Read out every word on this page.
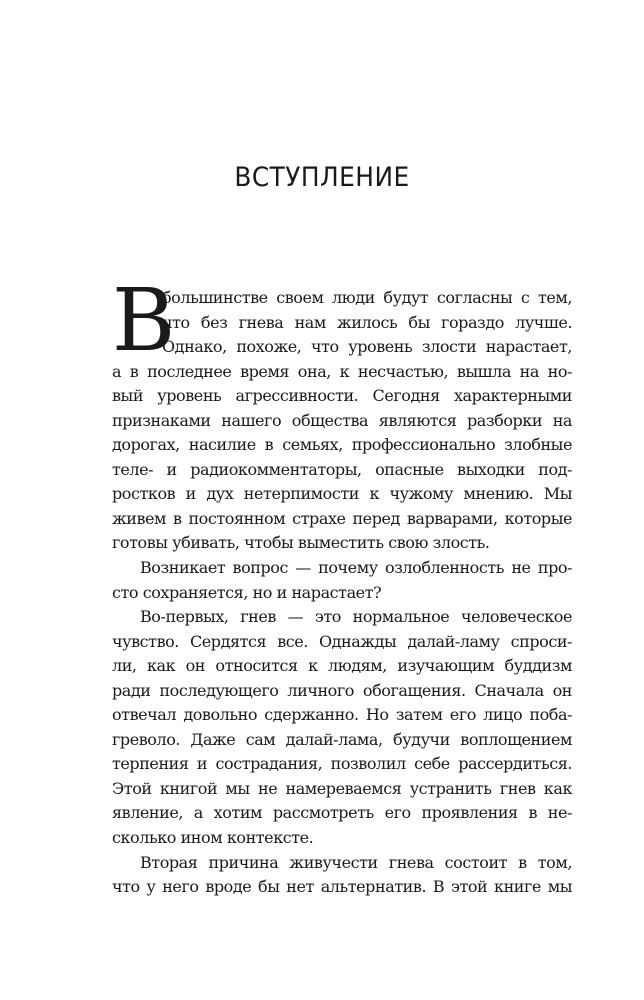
ВСТУПЛЕНИЕ
В
большинстве своем люди будут согласны с тем,
что без гнева нам жилось бы гораздо лучше.
Однако, похоже, что уровень злости нарастает,
а в последнее время она, к несчастью, вышла на но-
вый уровень агрессивности. Сегодня характерными
признаками нашего общества являются разборки на
дорогах, насилие в семьях, профессионально злобные
теле- и радиокомментаторы, опасные выходки под-
ростков и дух нетерпимости к чужому мнению. Мы
живем в постоянном страхе перед варварами, которые
готовы убивать, чтобы выместить свою злость.
Возникает вопрос — почему озлобленность не про-
сто сохраняется, но и нарастает?
Во-первых, гнев — это нормальное человеческое
чувство. Сердятся все. Однажды далай-ламу спроси-
ли, как он относится к людям, изучающим буддизм
ради последующего личного обогащения. Сначала он
отвечал довольно сдержанно. Но затем его лицо поба-
греволо. Даже сам далай-лама, будучи воплощением
терпения и сострадания, позволил себе рассердиться.
Этой книгой мы не намереваемся устранить гнев как
явление, а хотим рассмотреть его проявления в не-
сколько ином контексте.
Вторая причина живучести гнева состоит в том,
что у него вроде бы нет альтернатив. В этой книге мы
